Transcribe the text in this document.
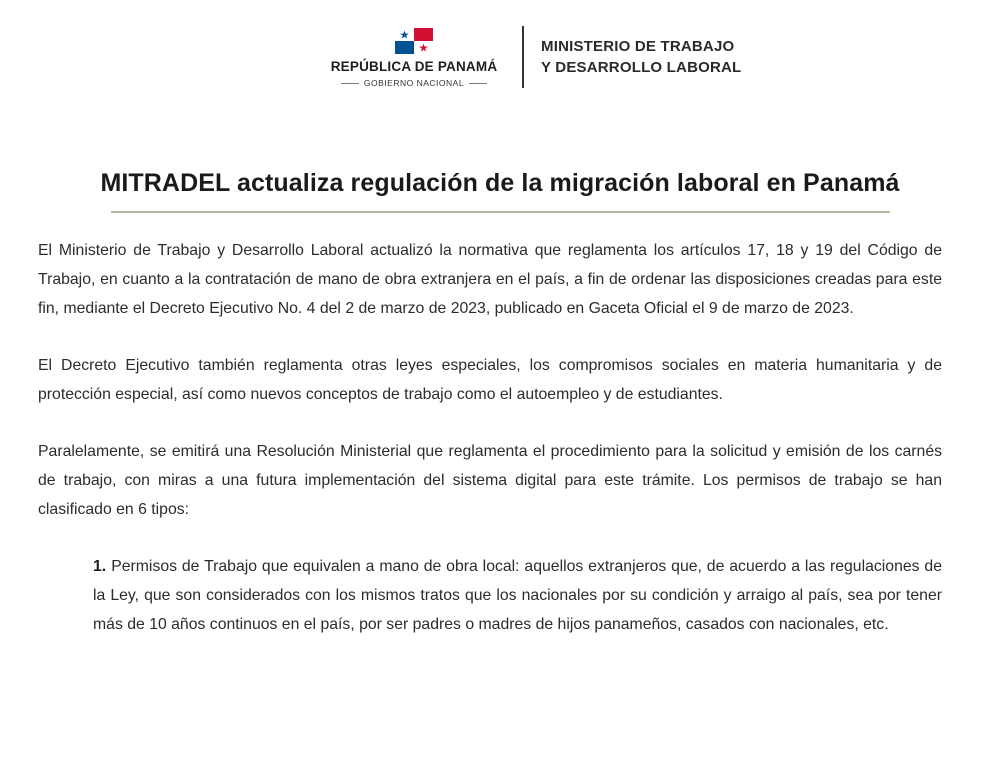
REPÚBLICA DE PANAMÁ
GOBIERNO NACIONAL
MINISTERIO DE TRABAJO
Y DESARROLLO LABORAL
MITRADEL actualiza regulación de la migración laboral en Panamá

El Ministerio de Trabajo y Desarrollo Laboral actualizó la normativa que reglamenta los artículos 17, 18 y 19 del Código de Trabajo, en cuanto a la contratación de mano de obra extranjera en el país, a fin de ordenar las disposiciones creadas para este fin, mediante el Decreto Ejecutivo No. 4 del 2 de marzo de 2023, publicado en Gaceta Oficial el 9 de marzo de 2023.

El Decreto Ejecutivo también reglamenta otras leyes especiales, los compromisos sociales en materia humanitaria y de protección especial, así como nuevos conceptos de trabajo como el autoempleo y de estudiantes.

Paralelamente, se emitirá una Resolución Ministerial que reglamenta el procedimiento para la solicitud y emisión de los carnés de trabajo, con miras a una futura implementación del sistema digital para este trámite. Los permisos de trabajo se han clasificado en 6 tipos:

1. Permisos de Trabajo que equivalen a mano de obra local: aquellos extranjeros que, de acuerdo a las regulaciones de la Ley, que son considerados con los mismos tratos que los nacionales por su condición y arraigo al país, sea por tener más de 10 años continuos en el país, por ser padres o madres de hijos panameños, casados con nacionales, etc.
